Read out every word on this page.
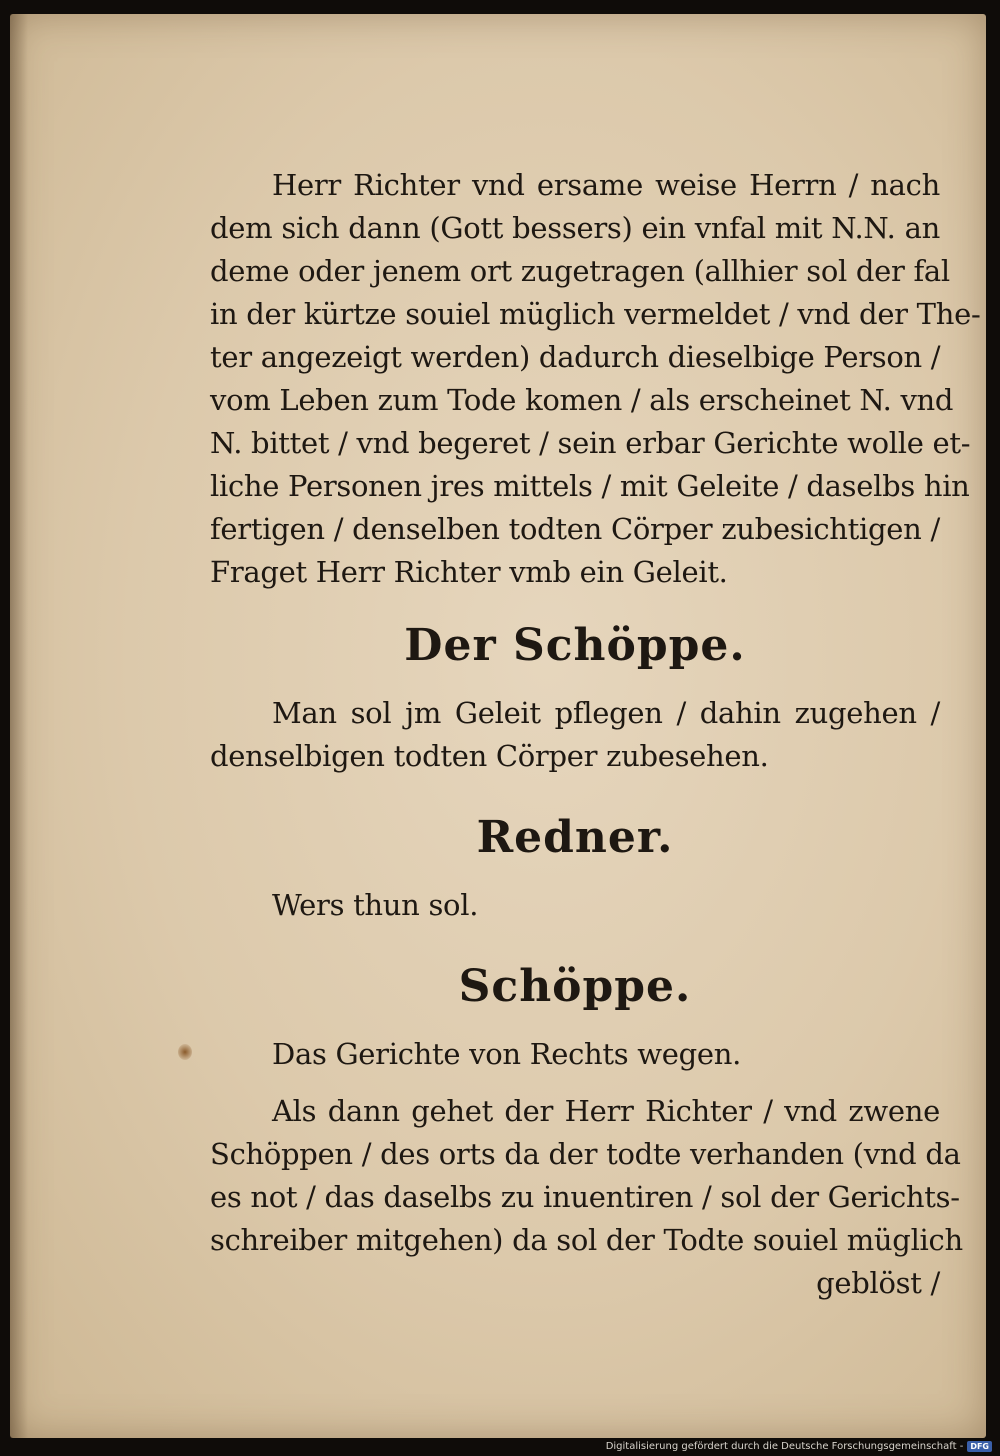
Herr Richter vnd ersame weise Herrn / nach
dem sich dann (Gott bessers) ein vnfal mit N.N. an
deme oder jenem ort zugetragen (allhier sol der fal
in der kürtze souiel müglich vermeldet / vnd der The-
ter angezeigt werden) dadurch dieselbige Person /
vom Leben zum Tode komen / als erscheinet N. vnd
N. bittet / vnd begeret / sein erbar Gerichte wolle et-
liche Personen jres mittels / mit Geleite / daselbs hin
fertigen / denselben todten Cörper zubesichtigen /
Fraget Herr Richter vmb ein Geleit.
Der Schöppe.
Man sol jm Geleit pflegen / dahin zugehen /
denselbigen todten Cörper zubesehen.
Redner.
Wers thun sol.
Schöppe.
Das Gerichte von Rechts wegen.
Als dann gehet der Herr Richter / vnd zwene
Schöppen / des orts da der todte verhanden (vnd da
es not / das daselbs zu inuentiren / sol der Gerichts-
schreiber mitgehen) da sol der Todte souiel müglich
geblöst /
Digitalisierung gefördert durch die Deutsche Forschungsgemeinschaft - DFG
